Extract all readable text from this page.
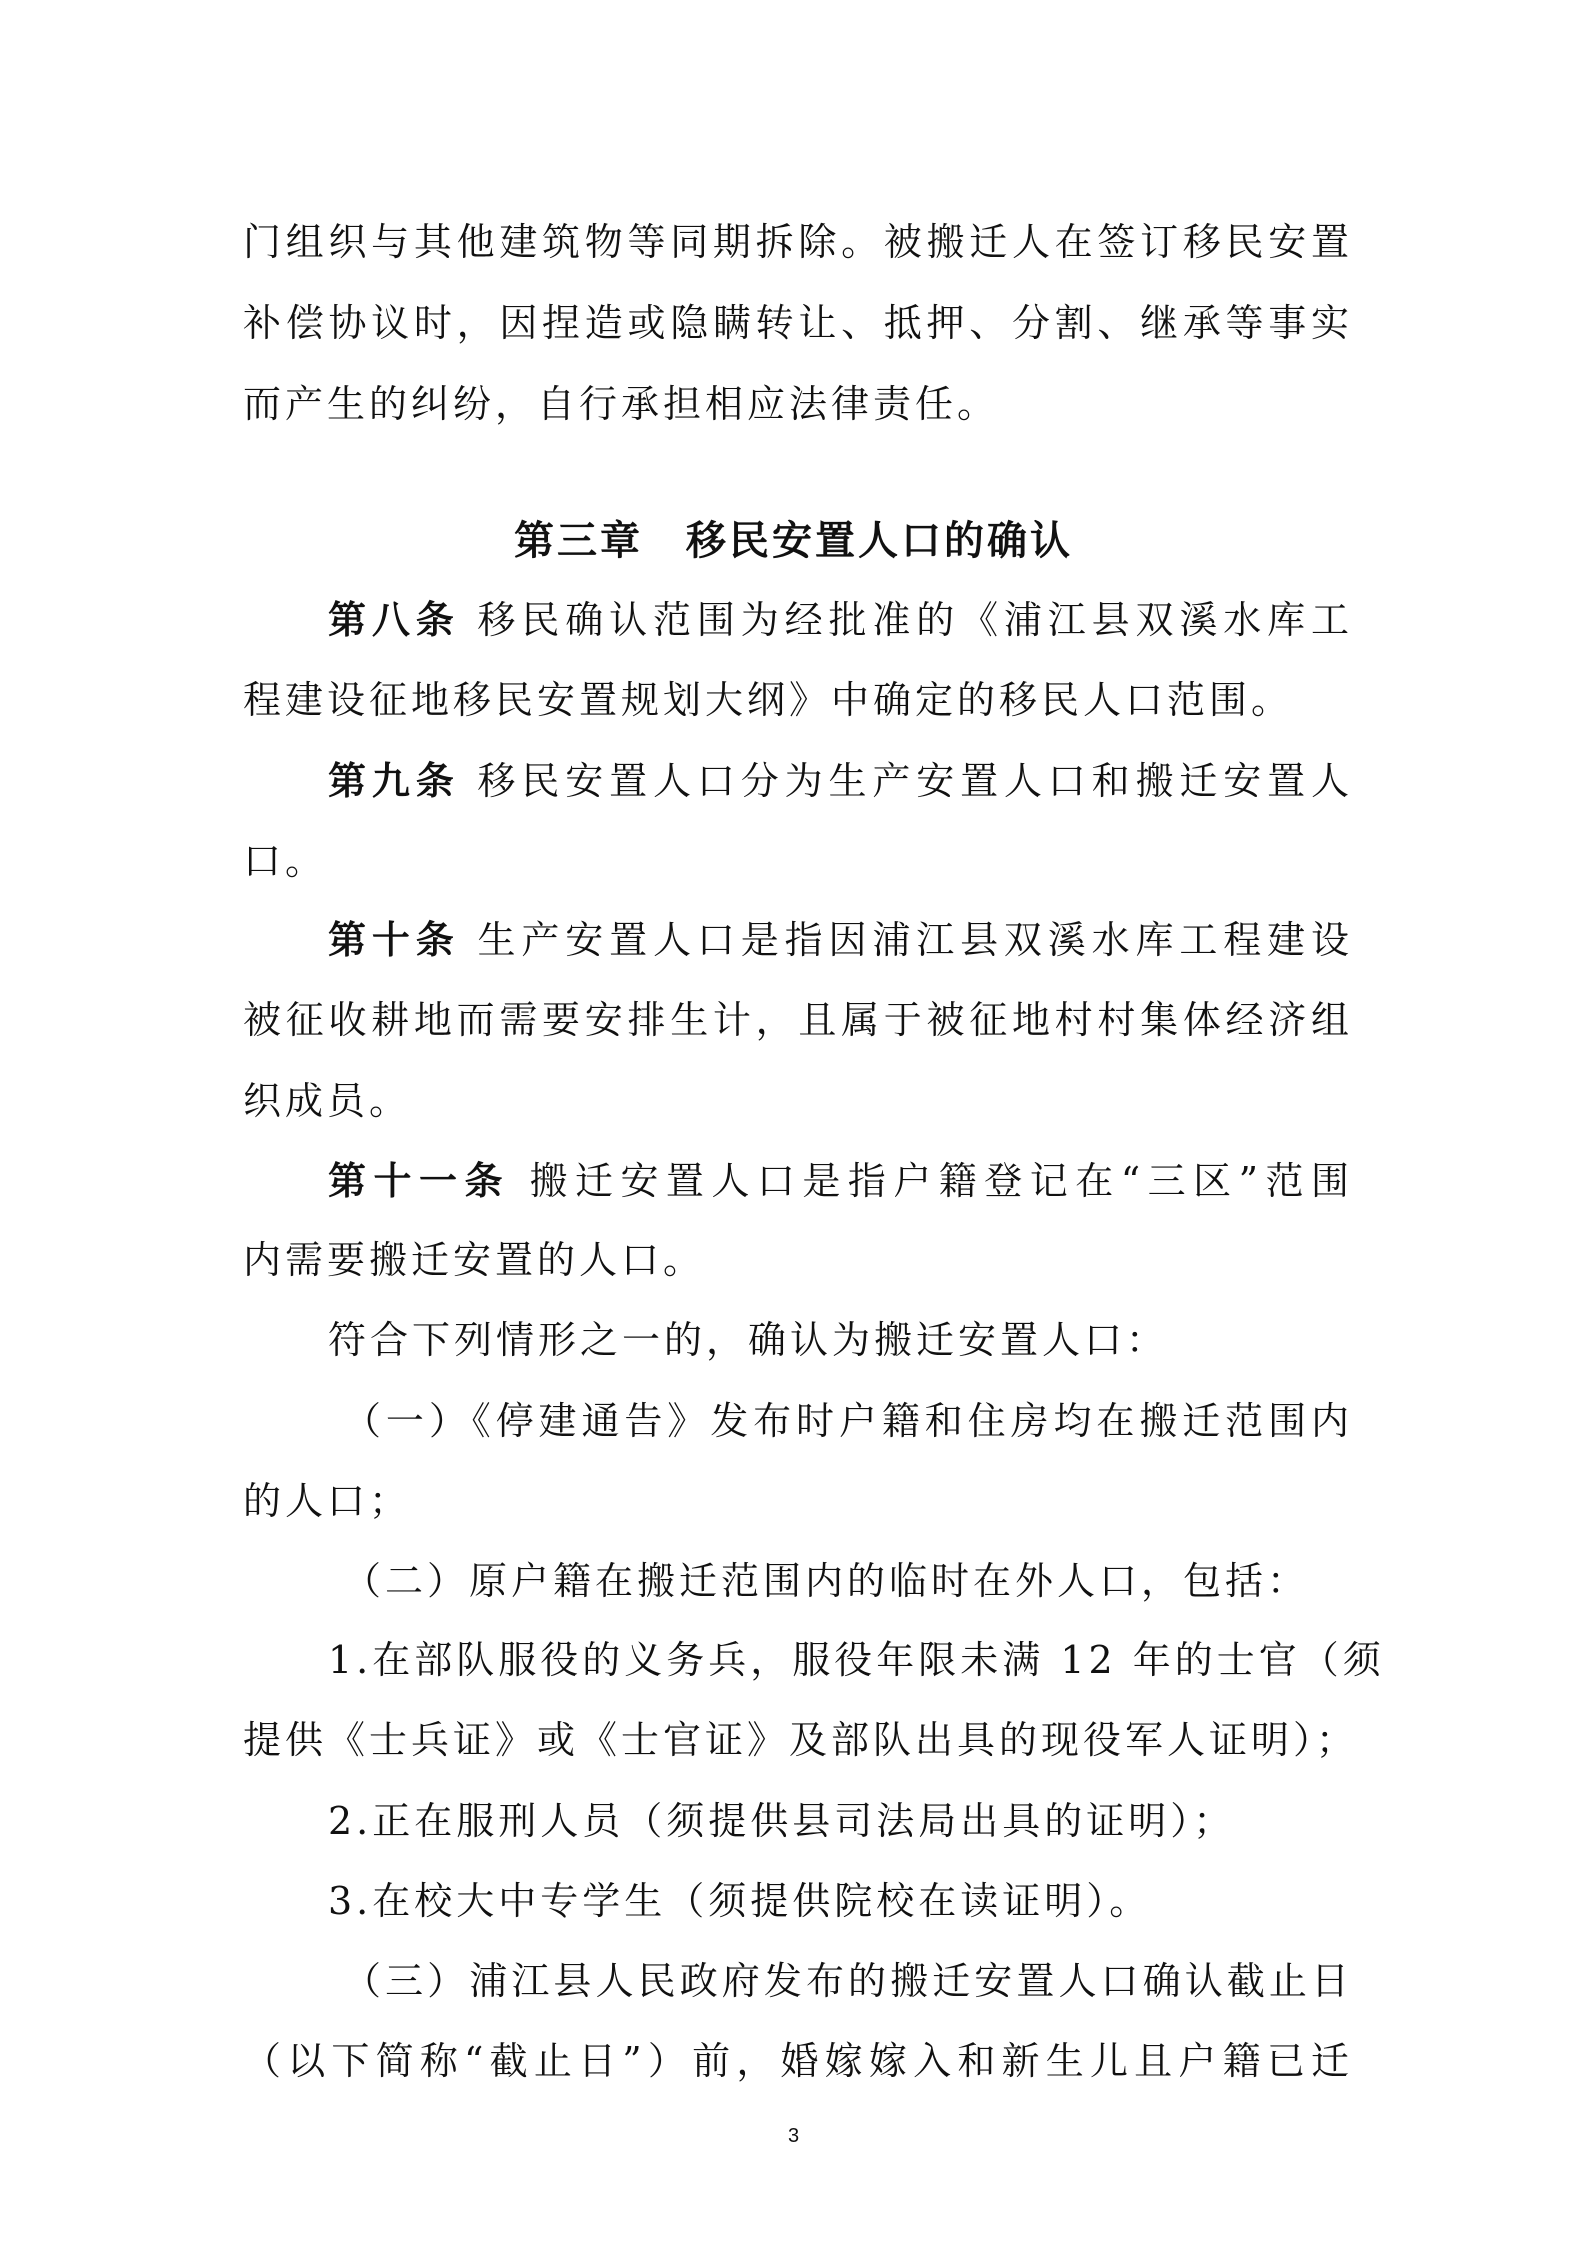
门组织与其他建筑物等同期拆除。被搬迁人在签订移民安置
补偿协议时，因捏造或隐瞒转让、抵押、分割、继承等事实
而产生的纠纷，自行承担相应法律责任。
第三章　移民安置人口的确认
第八条 移民确认范围为经批准的《浦江县双溪水库工
程建设征地移民安置规划大纲》中确定的移民人口范围。
第九条 移民安置人口分为生产安置人口和搬迁安置人
口。
第十条 生产安置人口是指因浦江县双溪水库工程建设
被征收耕地而需要安排生计，且属于被征地村村集体经济组
织成员。
第十一条 搬迁安置人口是指户籍登记在“三区”范围
内需要搬迁安置的人口。
符合下列情形之一的，确认为搬迁安置人口：
（一）《停建通告》发布时户籍和住房均在搬迁范围内
的人口；
（二）原户籍在搬迁范围内的临时在外人口，包括：
1.在部队服役的义务兵，服役年限未满 12 年的士官（须
提供《士兵证》或《士官证》及部队出具的现役军人证明）；
2.正在服刑人员（须提供县司法局出具的证明）；
3.在校大中专学生（须提供院校在读证明）。
（三）浦江县人民政府发布的搬迁安置人口确认截止日
（以下简称“截止日”）前，婚嫁嫁入和新生儿且户籍已迁
3
